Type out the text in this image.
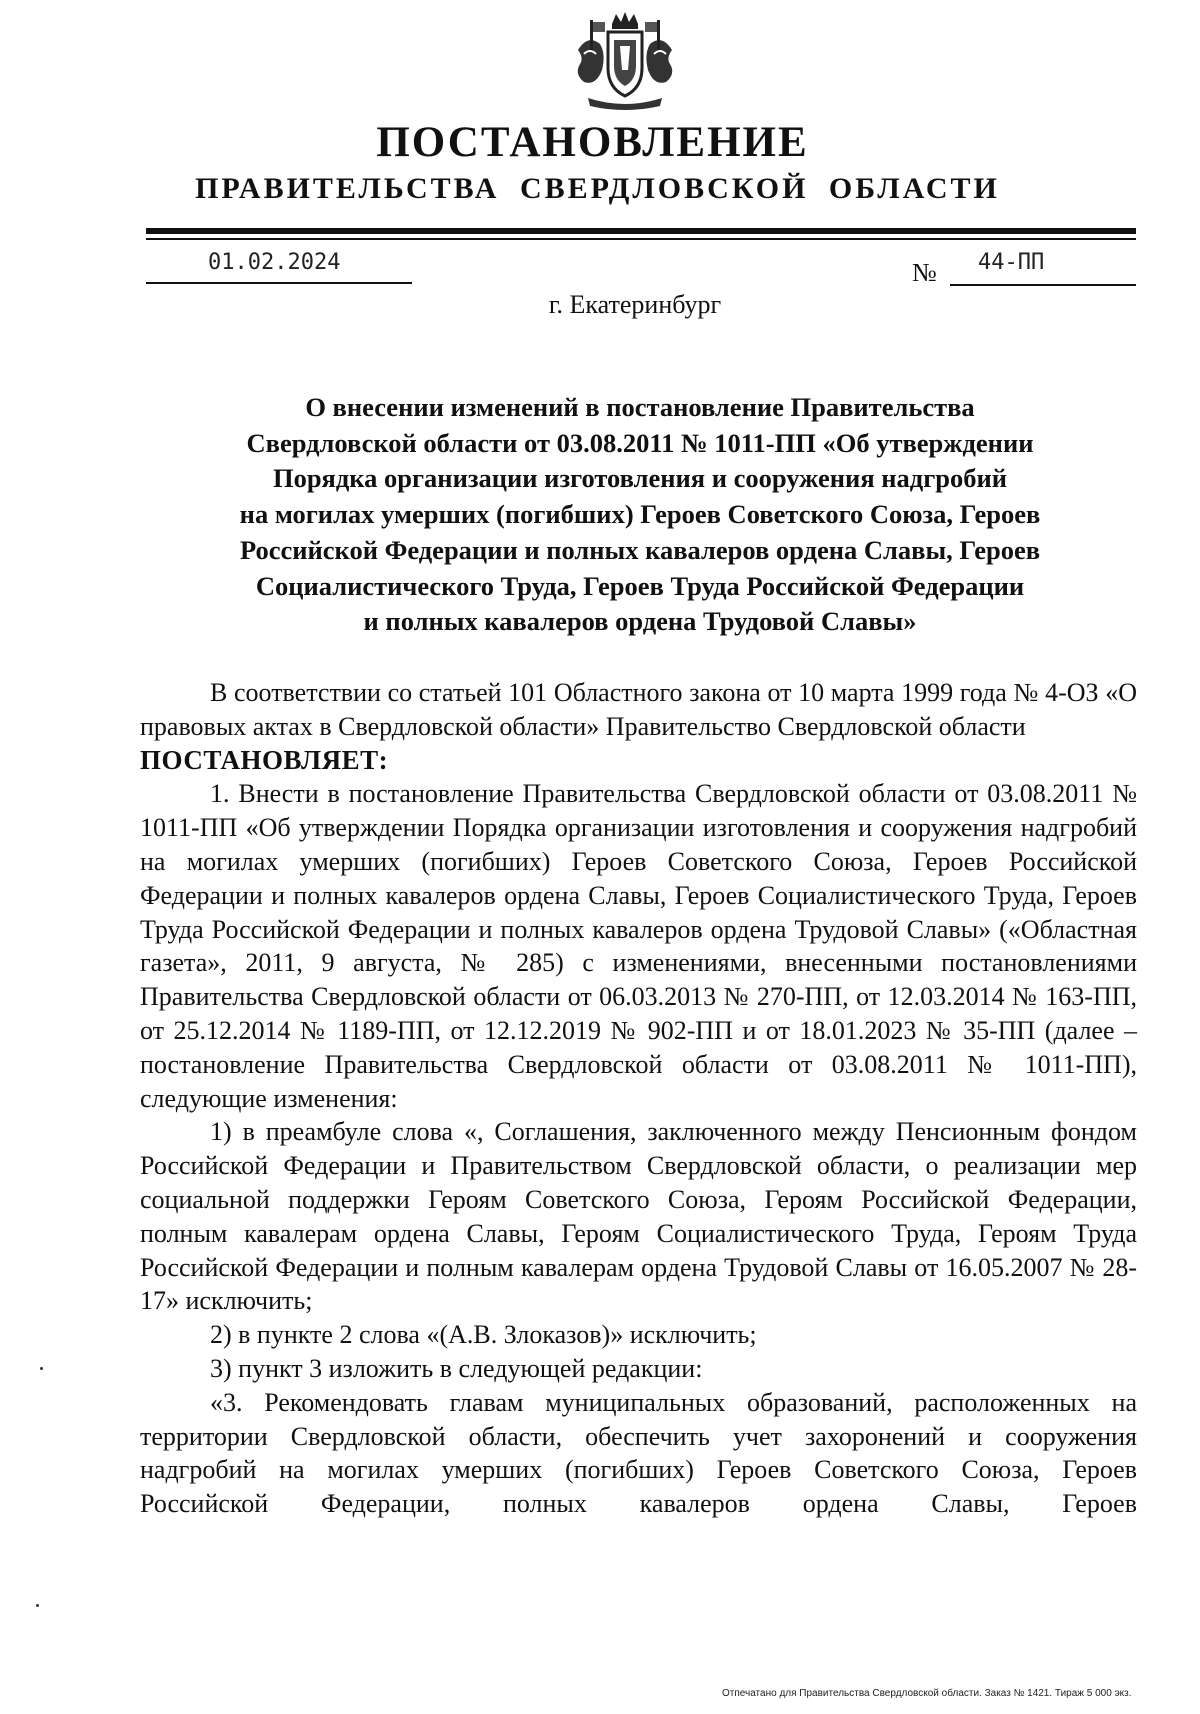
ПОСТАНОВЛЕНИЕ
ПРАВИТЕЛЬСТВА СВЕРДЛОВСКОЙ ОБЛАСТИ
01.02.2024	№ 44-ПП
г. Екатеринбург
О внесении изменений в постановление Правительства
Свердловской области от 03.08.2011 № 1011-ПП «Об утверждении
Порядка организации изготовления и сооружения надгробий
на могилах умерших (погибших) Героев Советского Союза, Героев
Российской Федерации и полных кавалеров ордена Славы, Героев
Социалистического Труда, Героев Труда Российской Федерации
и полных кавалеров ордена Трудовой Славы»

В соответствии со статьей 101 Областного закона от 10 марта 1999 года № 4-ОЗ «О правовых актах в Свердловской области» Правительство Свердловской области

ПОСТАНОВЛЯЕТ:

1. Внести в постановление Правительства Свердловской области от 03.08.2011 № 1011-ПП «Об утверждении Порядка организации изготовления и сооружения надгробий на могилах умерших (погибших) Героев Советского Союза, Героев Российской Федерации и полных кавалеров ордена Славы, Героев Социалистического Труда, Героев Труда Российской Федерации и полных кавалеров ордена Трудовой Славы» («Областная газета», 2011, 9 августа, № 285) с изменениями, внесенными постановлениями Правительства Свердловской области от 06.03.2013 № 270-ПП, от 12.03.2014 № 163-ПП, от 25.12.2014 № 1189-ПП, от 12.12.2019 № 902-ПП и от 18.01.2023 № 35-ПП (далее – постановление Правительства Свердловской области от 03.08.2011 № 1011-ПП), следующие изменения:

1) в преамбуле слова «, Соглашения, заключенного между Пенсионным фондом Российской Федерации и Правительством Свердловской области, о реализации мер социальной поддержки Героям Советского Союза, Героям Российской Федерации, полным кавалерам ордена Славы, Героям Социалистического Труда, Героям Труда Российской Федерации и полным кавалерам ордена Трудовой Славы от 16.05.2007 № 28-17» исключить;

2) в пункте 2 слова «(А.В. Злоказов)» исключить;

3) пункт 3 изложить в следующей редакции:

«3. Рекомендовать главам муниципальных образований, расположенных на территории Свердловской области, обеспечить учет захоронений и сооружения надгробий на могилах умерших (погибших) Героев Советского Союза, Героев Российской Федерации, полных кавалеров ордена Славы, Героев

Отпечатано для Правительства Свердловской области. Заказ № 1421. Тираж 5 000 экз.
